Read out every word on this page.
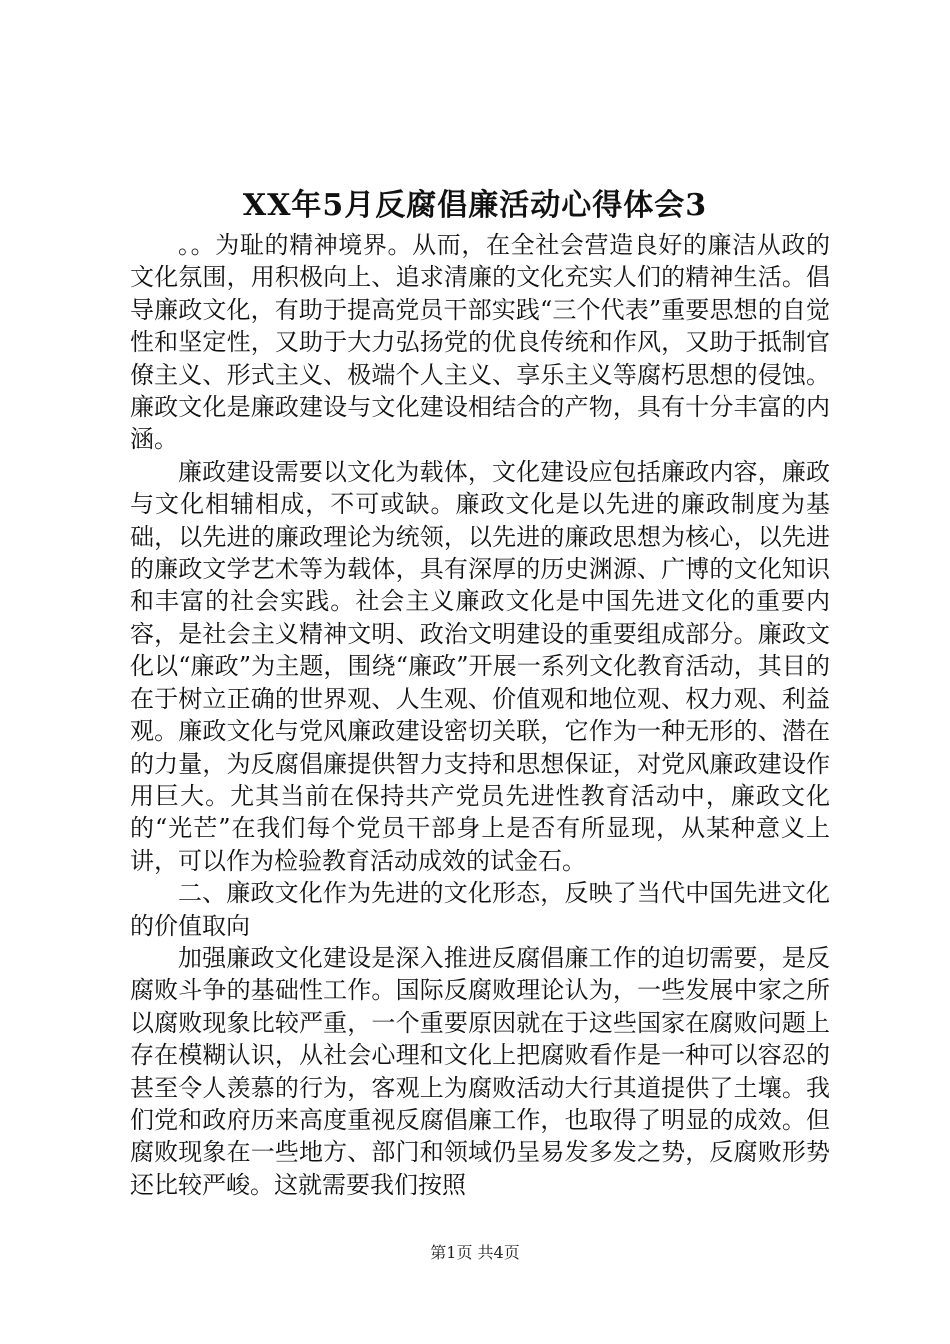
XX年5月反腐倡廉活动心得体会3

。。为耻的精神境界。从而，在全社会营造良好的廉洁从政的文化氛围，用积极向上、追求清廉的文化充实人们的精神生活。倡导廉政文化，有助于提高党员干部实践“三个代表”重要思想的自觉性和坚定性，又助于大力弘扬党的优良传统和作风，又助于抵制官僚主义、形式主义、极端个人主义、享乐主义等腐朽思想的侵蚀。廉政文化是廉政建设与文化建设相结合的产物，具有十分丰富的内涵。

廉政建设需要以文化为载体，文化建设应包括廉政内容，廉政与文化相辅相成，不可或缺。廉政文化是以先进的廉政制度为基础，以先进的廉政理论为统领，以先进的廉政思想为核心，以先进的廉政文学艺术等为载体，具有深厚的历史渊源、广博的文化知识和丰富的社会实践。社会主义廉政文化是中国先进文化的重要内容，是社会主义精神文明、政治文明建设的重要组成部分。廉政文化以“廉政”为主题，围绕“廉政”开展一系列文化教育活动，其目的在于树立正确的世界观、人生观、价值观和地位观、权力观、利益观。廉政文化与党风廉政建设密切关联，它作为一种无形的、潜在的力量，为反腐倡廉提供智力支持和思想保证，对党风廉政建设作用巨大。尤其当前在保持共产党员先进性教育活动中，廉政文化的“光芒”在我们每个党员干部身上是否有所显现，从某种意义上讲，可以作为检验教育活动成效的试金石。

二、廉政文化作为先进的文化形态，反映了当代中国先进文化的价值取向

加强廉政文化建设是深入推进反腐倡廉工作的迫切需要，是反腐败斗争的基础性工作。国际反腐败理论认为，一些发展中家之所以腐败现象比较严重，一个重要原因就在于这些国家在腐败问题上存在模糊认识，从社会心理和文化上把腐败看作是一种可以容忍的甚至令人羡慕的行为，客观上为腐败活动大行其道提供了土壤。我们党和政府历来高度重视反腐倡廉工作，也取得了明显的成效。但腐败现象在一些地方、部门和领域仍呈易发多发之势，反腐败形势还比较严峻。这就需要我们按照

第1页 共4页
